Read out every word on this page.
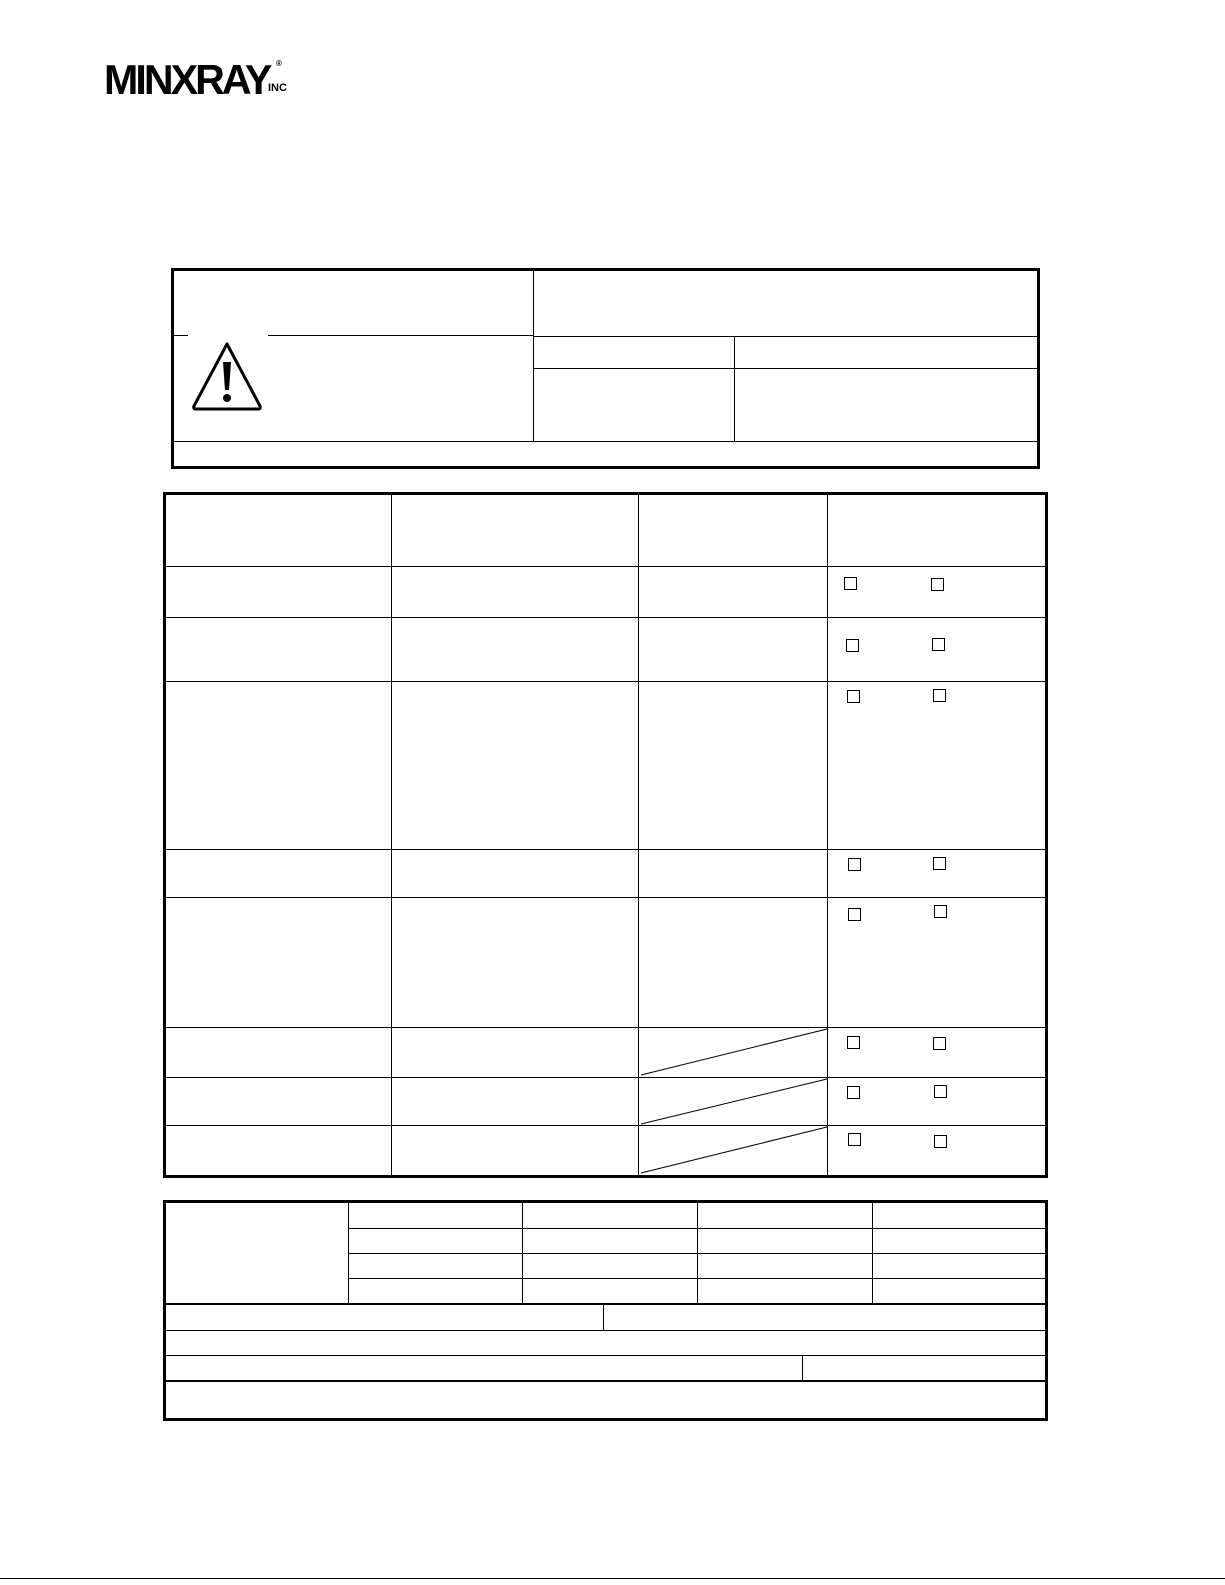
MINXRAY
INC
®
